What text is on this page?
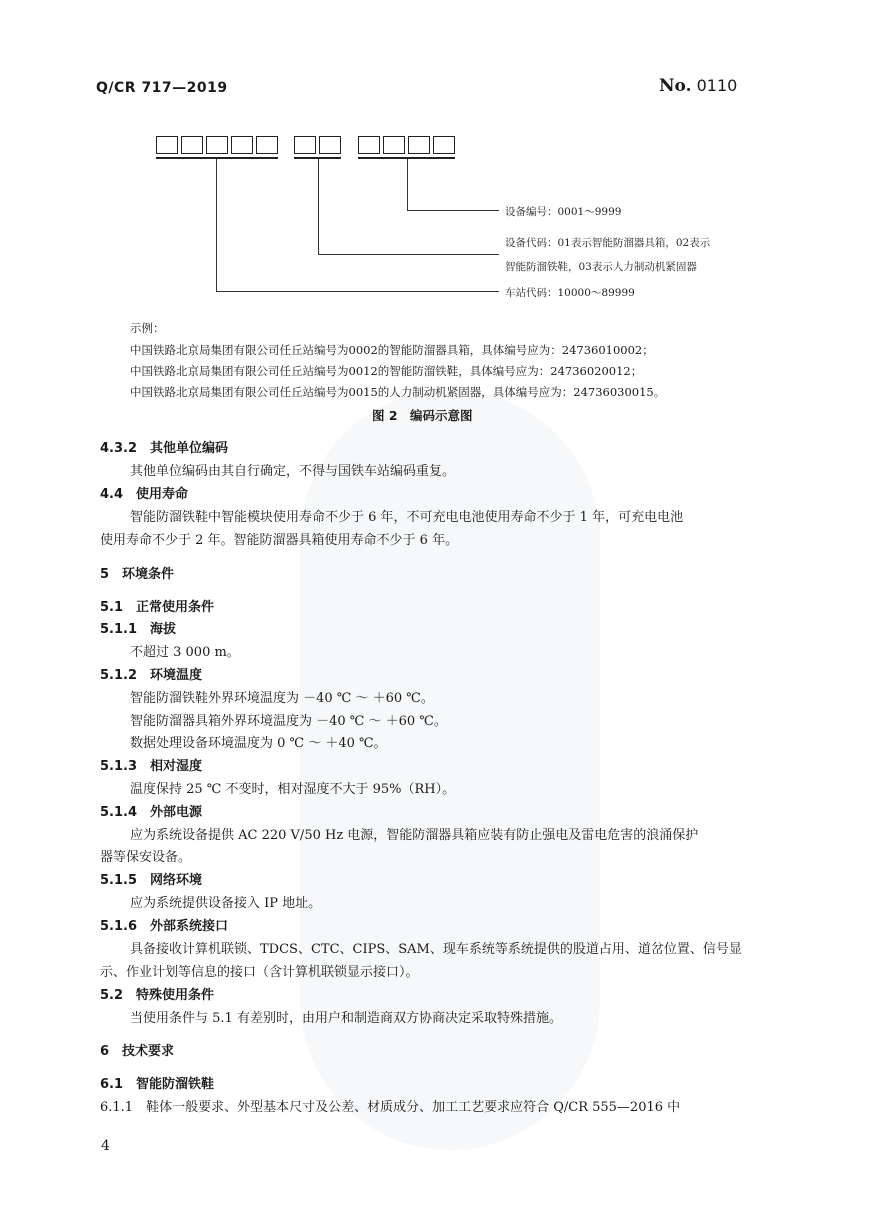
Q/CR 717—2019	No. 0110
设备编号：0001～9999
设备代码：01表示智能防溜器具箱，02表示
智能防溜铁鞋，03表示人力制动机紧固器
车站代码：10000～89999
示例：
中国铁路北京局集团有限公司任丘站编号为0002的智能防溜器具箱，具体编号应为：24736010002；
中国铁路北京局集团有限公司任丘站编号为0012的智能防溜铁鞋，具体编号应为：24736020012；
中国铁路北京局集团有限公司任丘站编号为0015的人力制动机紧固器，具体编号应为：24736030015。
图 2　编码示意图
4.3.2　其他单位编码
其他单位编码由其自行确定，不得与国铁车站编码重复。
4.4　使用寿命
智能防溜铁鞋中智能模块使用寿命不少于 6 年，不可充电电池使用寿命不少于 1 年，可充电电池
使用寿命不少于 2 年。智能防溜器具箱使用寿命不少于 6 年。
5　环境条件
5.1　正常使用条件
5.1.1　海拔
不超过 3 000 m。
5.1.2　环境温度
智能防溜铁鞋外界环境温度为 －40 ℃ ～ ＋60 ℃。
智能防溜器具箱外界环境温度为 －40 ℃ ～ ＋60 ℃。
数据处理设备环境温度为 0 ℃ ～ ＋40 ℃。
5.1.3　相对湿度
温度保持 25 ℃ 不变时，相对湿度不大于 95%（RH）。
5.1.4　外部电源
应为系统设备提供 AC 220 V/50 Hz 电源，智能防溜器具箱应装有防止强电及雷电危害的浪涌保护
器等保安设备。
5.1.5　网络环境
应为系统提供设备接入 IP 地址。
5.1.6　外部系统接口
具备接收计算机联锁、TDCS、CTC、CIPS、SAM、现车系统等系统提供的股道占用、道岔位置、信号显
示、作业计划等信息的接口（含计算机联锁显示接口）。
5.2　特殊使用条件
当使用条件与 5.1 有差别时，由用户和制造商双方协商决定采取特殊措施。
6　技术要求
6.1　智能防溜铁鞋
6.1.1　鞋体一般要求、外型基本尺寸及公差、材质成分、加工工艺要求应符合 Q/CR 555—2016 中
4
